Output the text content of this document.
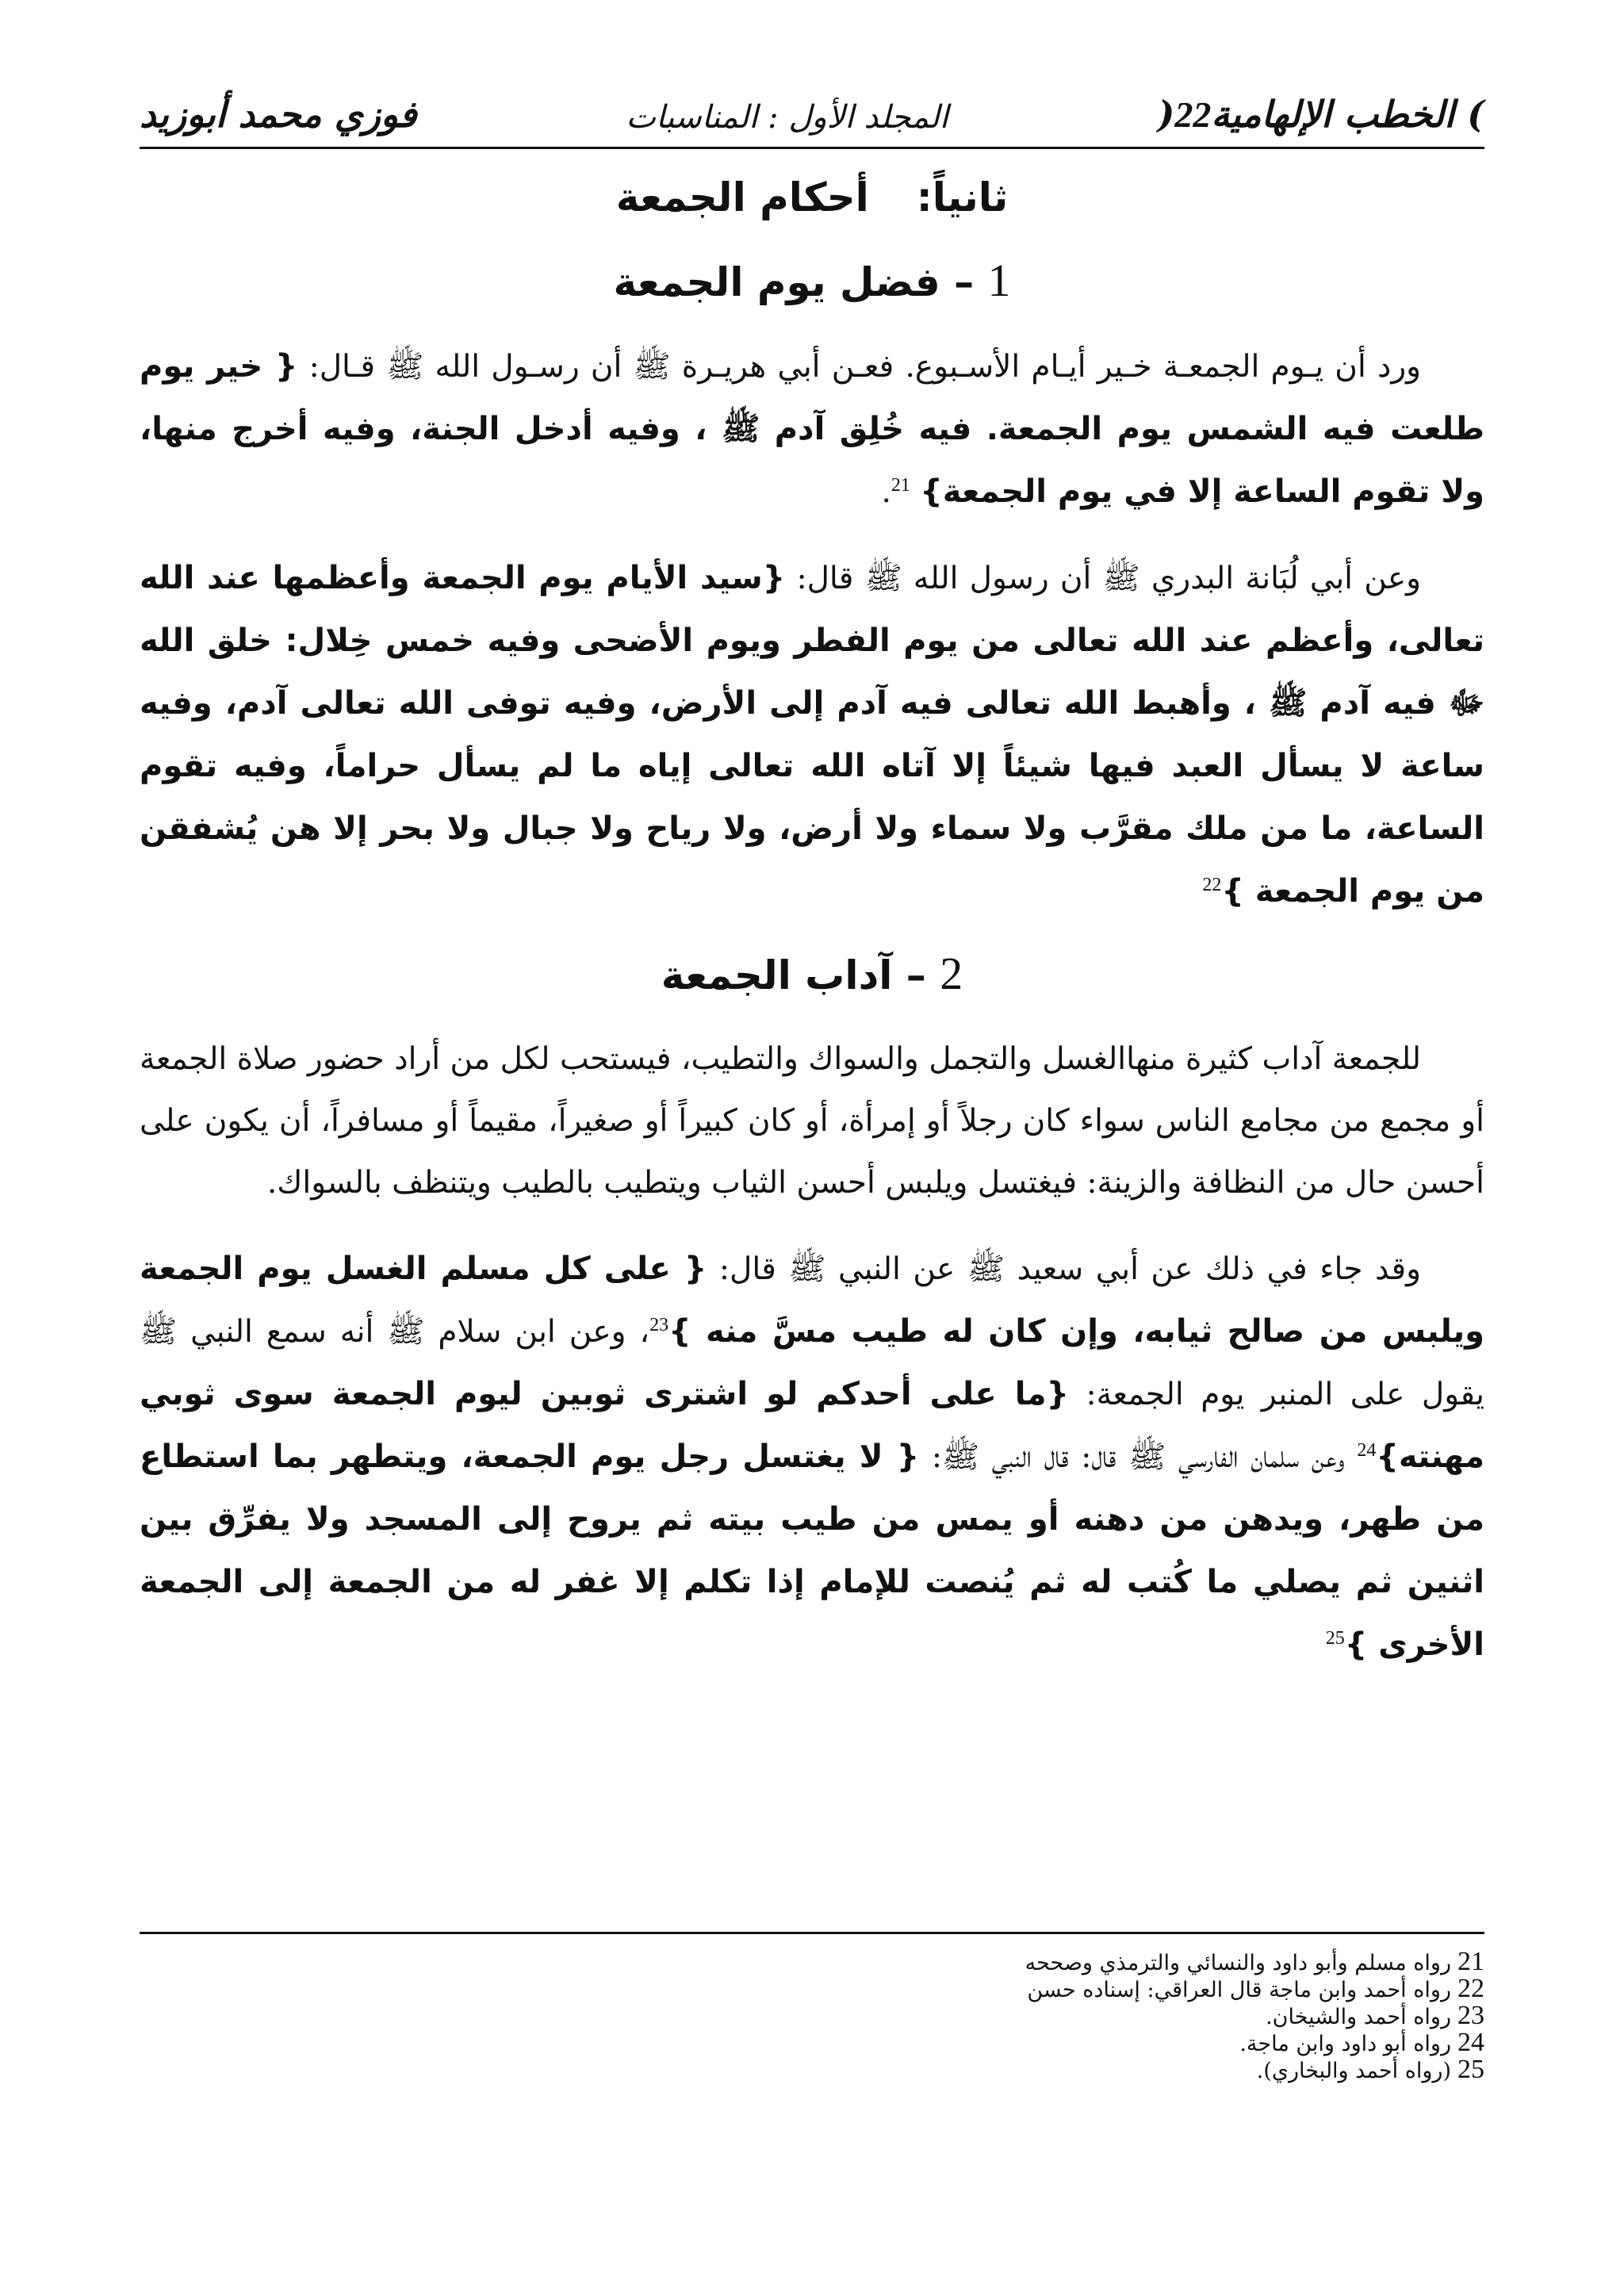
) الخطب الإلهامية22(
المجلد الأول : المناسبات
فوزي محمد أبوزيد
ثانياً:أحكام الجمعة
1 – فضل يوم الجمعة

ورد أن يـوم الجمعـة خـير أيـام الأسـبوع. فعـن أبي هريـرة ﷺ أن رسـول الله ﷺ قـال: { خير يوم طلعت فيه الشمس يوم الجمعة. فيه خُلِق آدم ﷺ ، وفيه أدخل الجنة، وفيه أخرج منها، ولا تقوم الساعة إلا في يوم الجمعة} $^{21}$.

وعن أبي لُبَانة البدري ﷺ أن رسول الله ﷺ قال: {سيد الأيام يوم الجمعة وأعظمها عند الله تعالى، وأعظم عند الله تعالى من يوم الفطر ويوم الأضحى وفيه خمس خِلال: خلق الله ﷻ فيه آدم ﷺ ، وأهبط الله تعالى فيه آدم إلى الأرض، وفيه توفى الله تعالى آدم، وفيه ساعة لا يسأل العبد فيها شيئاً إلا آتاه الله تعالى إياه ما لم يسأل حراماً، وفيه تقوم الساعة، ما من ملك مقرَّب ولا سماء ولا أرض، ولا رياح ولا جبال ولا بحر إلا هن يُشفقن من يوم الجمعة }$^{22}$

2 – آداب الجمعة

للجمعة آداب كثيرة منهاالغسل والتجمل والسواك والتطيب، فيستحب لكل من أراد حضور صلاة الجمعة أو مجمع من مجامع الناس سواء كان رجلاً أو إمرأة، أو كان كبيراً أو صغيراً، مقيماً أو مسافراً، أن يكون على أحسن حال من النظافة والزينة: فيغتسل ويلبس أحسن الثياب ويتطيب بالطيب ويتنظف بالسواك.

وقد جاء في ذلك عن أبي سعيد ﷺ عن النبي ﷺ قال: { على كل مسلم الغسل يوم الجمعة ويلبس من صالح ثيابه، وإن كان له طيب مسَّ منه }$^{23}$، وعن ابن سلام ﷺ أنه سمع النبي ﷺ يقول على المنبر يوم الجمعة: {ما على أحدكم لو اشترى ثوبين ليوم الجمعة سوى ثوبي مهنته}$^{24}$ وعن سلمان الفارسي ﷺ قال: قال النبي ﷺ: { لا يغتسل رجل يوم الجمعة، ويتطهر بما استطاع من طهر، ويدهن من دهنه أو يمس من طيب بيته ثم يروح إلى المسجد ولا يفرِّق بين اثنين ثم يصلي ما كُتب له ثم يُنصت للإمام إذا تكلم إلا غفر له من الجمعة إلى الجمعة الأخرى }$^{25}$

21رواه مسلم وأبو داود والنسائي والترمذي وصححه
22رواه أحمد وابن ماجة قال العراقي: إسناده حسن
23رواه أحمد والشيخان.
24رواه أبو داود وابن ماجة.
25(رواه أحمد والبخاري).
